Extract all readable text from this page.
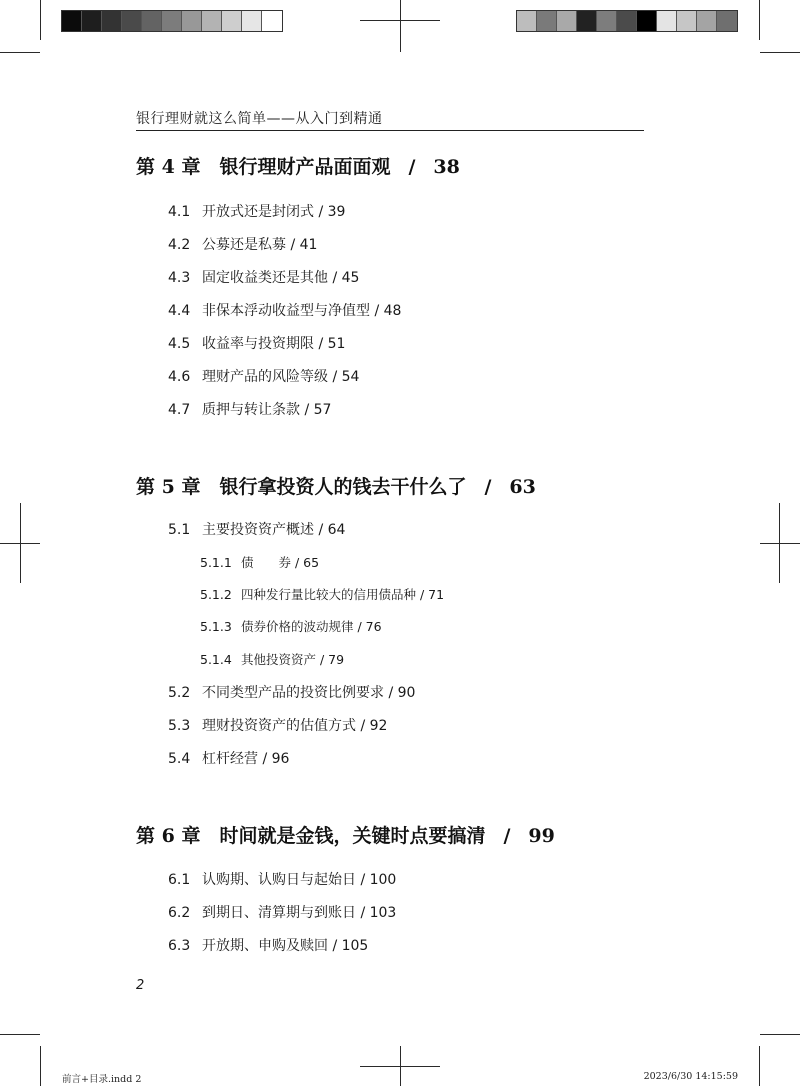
银行理财就这么简单——从入门到精通
第 4 章　银行理财产品面面观 / 38
4.1 开放式还是封闭式 / 39
4.2 公募还是私募 / 41
4.3 固定收益类还是其他 / 45
4.4 非保本浮动收益型与净值型 / 48
4.5 收益率与投资期限 / 51
4.6 理财产品的风险等级 / 54
4.7 质押与转让条款 / 57
第 5 章　银行拿投资人的钱去干什么了 / 63
5.1 主要投资资产概述 / 64
5.1.1 债　　券 / 65
5.1.2 四种发行量比较大的信用债品种 / 71
5.1.3 债券价格的波动规律 / 76
5.1.4 其他投资资产 / 79
5.2 不同类型产品的投资比例要求 / 90
5.3 理财投资资产的估值方式 / 92
5.4 杠杆经营 / 96
第 6 章　时间就是金钱，关键时点要搞清 / 99
6.1 认购期、认购日与起始日 / 100
6.2 到期日、清算期与到账日 / 103
6.3 开放期、申购及赎回 / 105
2
前言+目录.indd 2	2023/6/30 14:15:59
